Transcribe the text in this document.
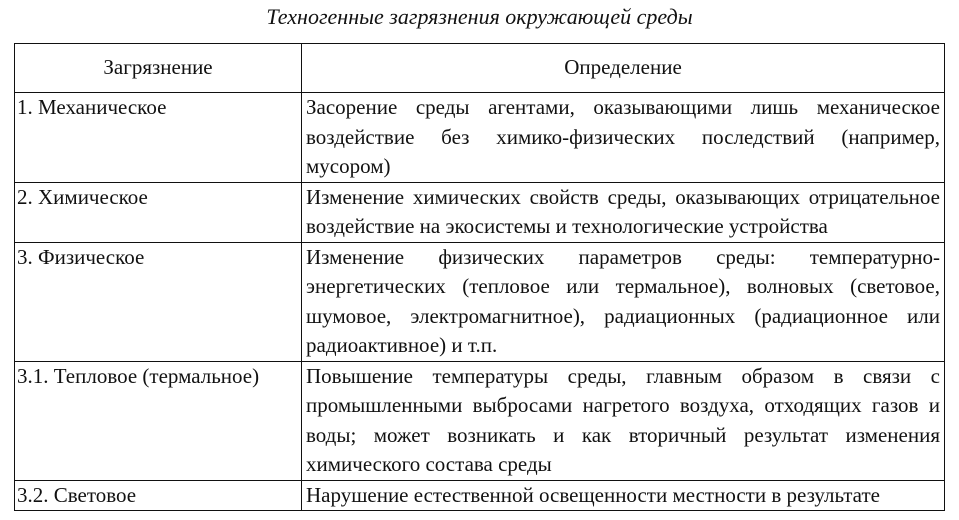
Техногенные загрязнения окружающей среды
Загрязнение	Определение
1. Механическое	Засорение среды агентами, оказывающими лишь механическое воздействие без химико-физических последствий (например, мусором)
2. Химическое	Изменение химических свойств среды, оказывающих отрицательное воздействие на экосистемы и технологические устройства
3. Физическое	Изменение физических параметров среды: температурно-энергетических (тепловое или термальное), волновых (световое, шумовое, электромагнитное), радиационных (радиационное или радиоактивное) и т.п.
3.1. Тепловое (термальное)	Повышение температуры среды, главным образом в связи с промышленными выбросами нагретого воздуха, отходящих газов и воды; может возникать и как вторичный результат изменения химического состава среды
3.2. Световое	Нарушение естественной освещенности местности в результате
